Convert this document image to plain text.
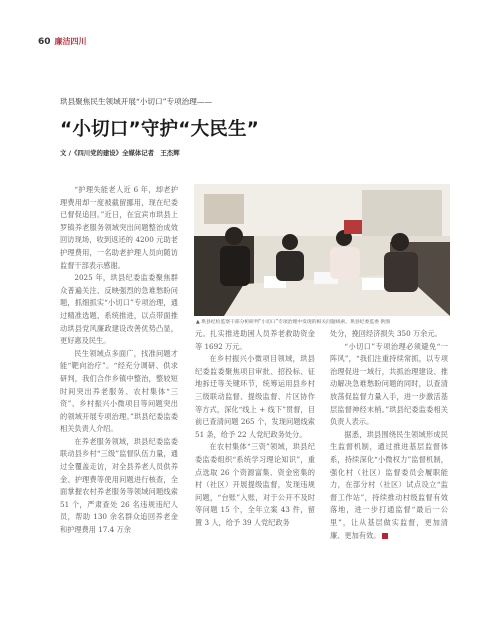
60 廉洁四川
珙县聚焦民生领域开展“小切口”专项治理——
“小切口”守护“大民生”
文 /《四川党的建设》全媒体记者　王杰辉

“护理失能老人近 6 年，却老护理费用却一度被截留挪用，现在纪委已督促追回。”近日，在宜宾市珙县上罗镇养老服务领域突出问题整治成效回访现场，收到返还的 4200 元助老护理费用，一名助老护理人员向随访监督干部表示感谢。

2025 年，珙县纪委监委聚焦群众普遍关注、反映强烈的急难愁盼问题，抓细抓实“小切口”专项治理，通过精准选题、系统推进，以点带面推动珙县党风廉政建设改善优势凸显，更好惠及民生。

民生领域点多面广，找准问题才能“靶向治疗”。“经充分调研、供求研判，我们合作乡镇中整治，整较短时间突出养老服务、农村集体“三资”、乡村振兴小微项目等问题突出的领域开展专项治理。”珙县纪委监委相关负责人介绍。

在养老服务领域，珙县纪委监委联动县乡村“三级”监督队伍力量，通过全覆盖走访，对全县养老人员供养金、护理费等使用问题进行核查，全面掌握农村养老服务等领域问题线索 51 个，严肃查处 26 名违规违纪人员，帮助 130 余名群众追回养老金和护理费用 17.4 万余

▲ 珙县纪检监察干部分析研判“小切口”专项治理中发现的相关问题线索。珙县纪委监委 供图

元。扎实推进助困人员养老救助资金等 1692 万元。

在乡村振兴小微项目领域，珙县纪委监委聚焦项目审批、招投标、征地拆迁等关键环节，统筹运用县乡村三级联动监督、提级监督、片区协作等方式，深化“线上 + 线下”贯督，目前已查清问题 265 个，发现问题线索 51 条，给予 22 人党纪政务处分。

在农村集体“三资”领域，珙县纪委监委组织“系统学习理论知识”，重点选取 26 个资源富集、资金密集的村（社区）开展提级监督，发现违规问题，“台账”入账，对于公开不及时等问题 15 个，全年立案 43 件，留置 3 人，给予 39 人党纪政务

处分，挽回经济损失 350 万余元。

“小切口”专项治理必须避免“一阵风”，“我们注重持续常抓，以专项治理促进一域行，共抓治理建设、推动解决急难愁盼问题的同时，以查清放荡促监督力量入手，进一步激活基层监督神经末梢。”珙县纪委监委相关负责人表示。

据悉，珙县围绕民生领域形成民生监督机制，通过推进基层监督体系，持续深化“小微权力”监督机制，强化村（社区）监督委员会履职能力，在部分村（社区）试点设立“监督工作站”，持续推动村级监督有效落地，进一步打通监督“最后一公里”，让从基层做实监督，更加清廉、更加有效。
